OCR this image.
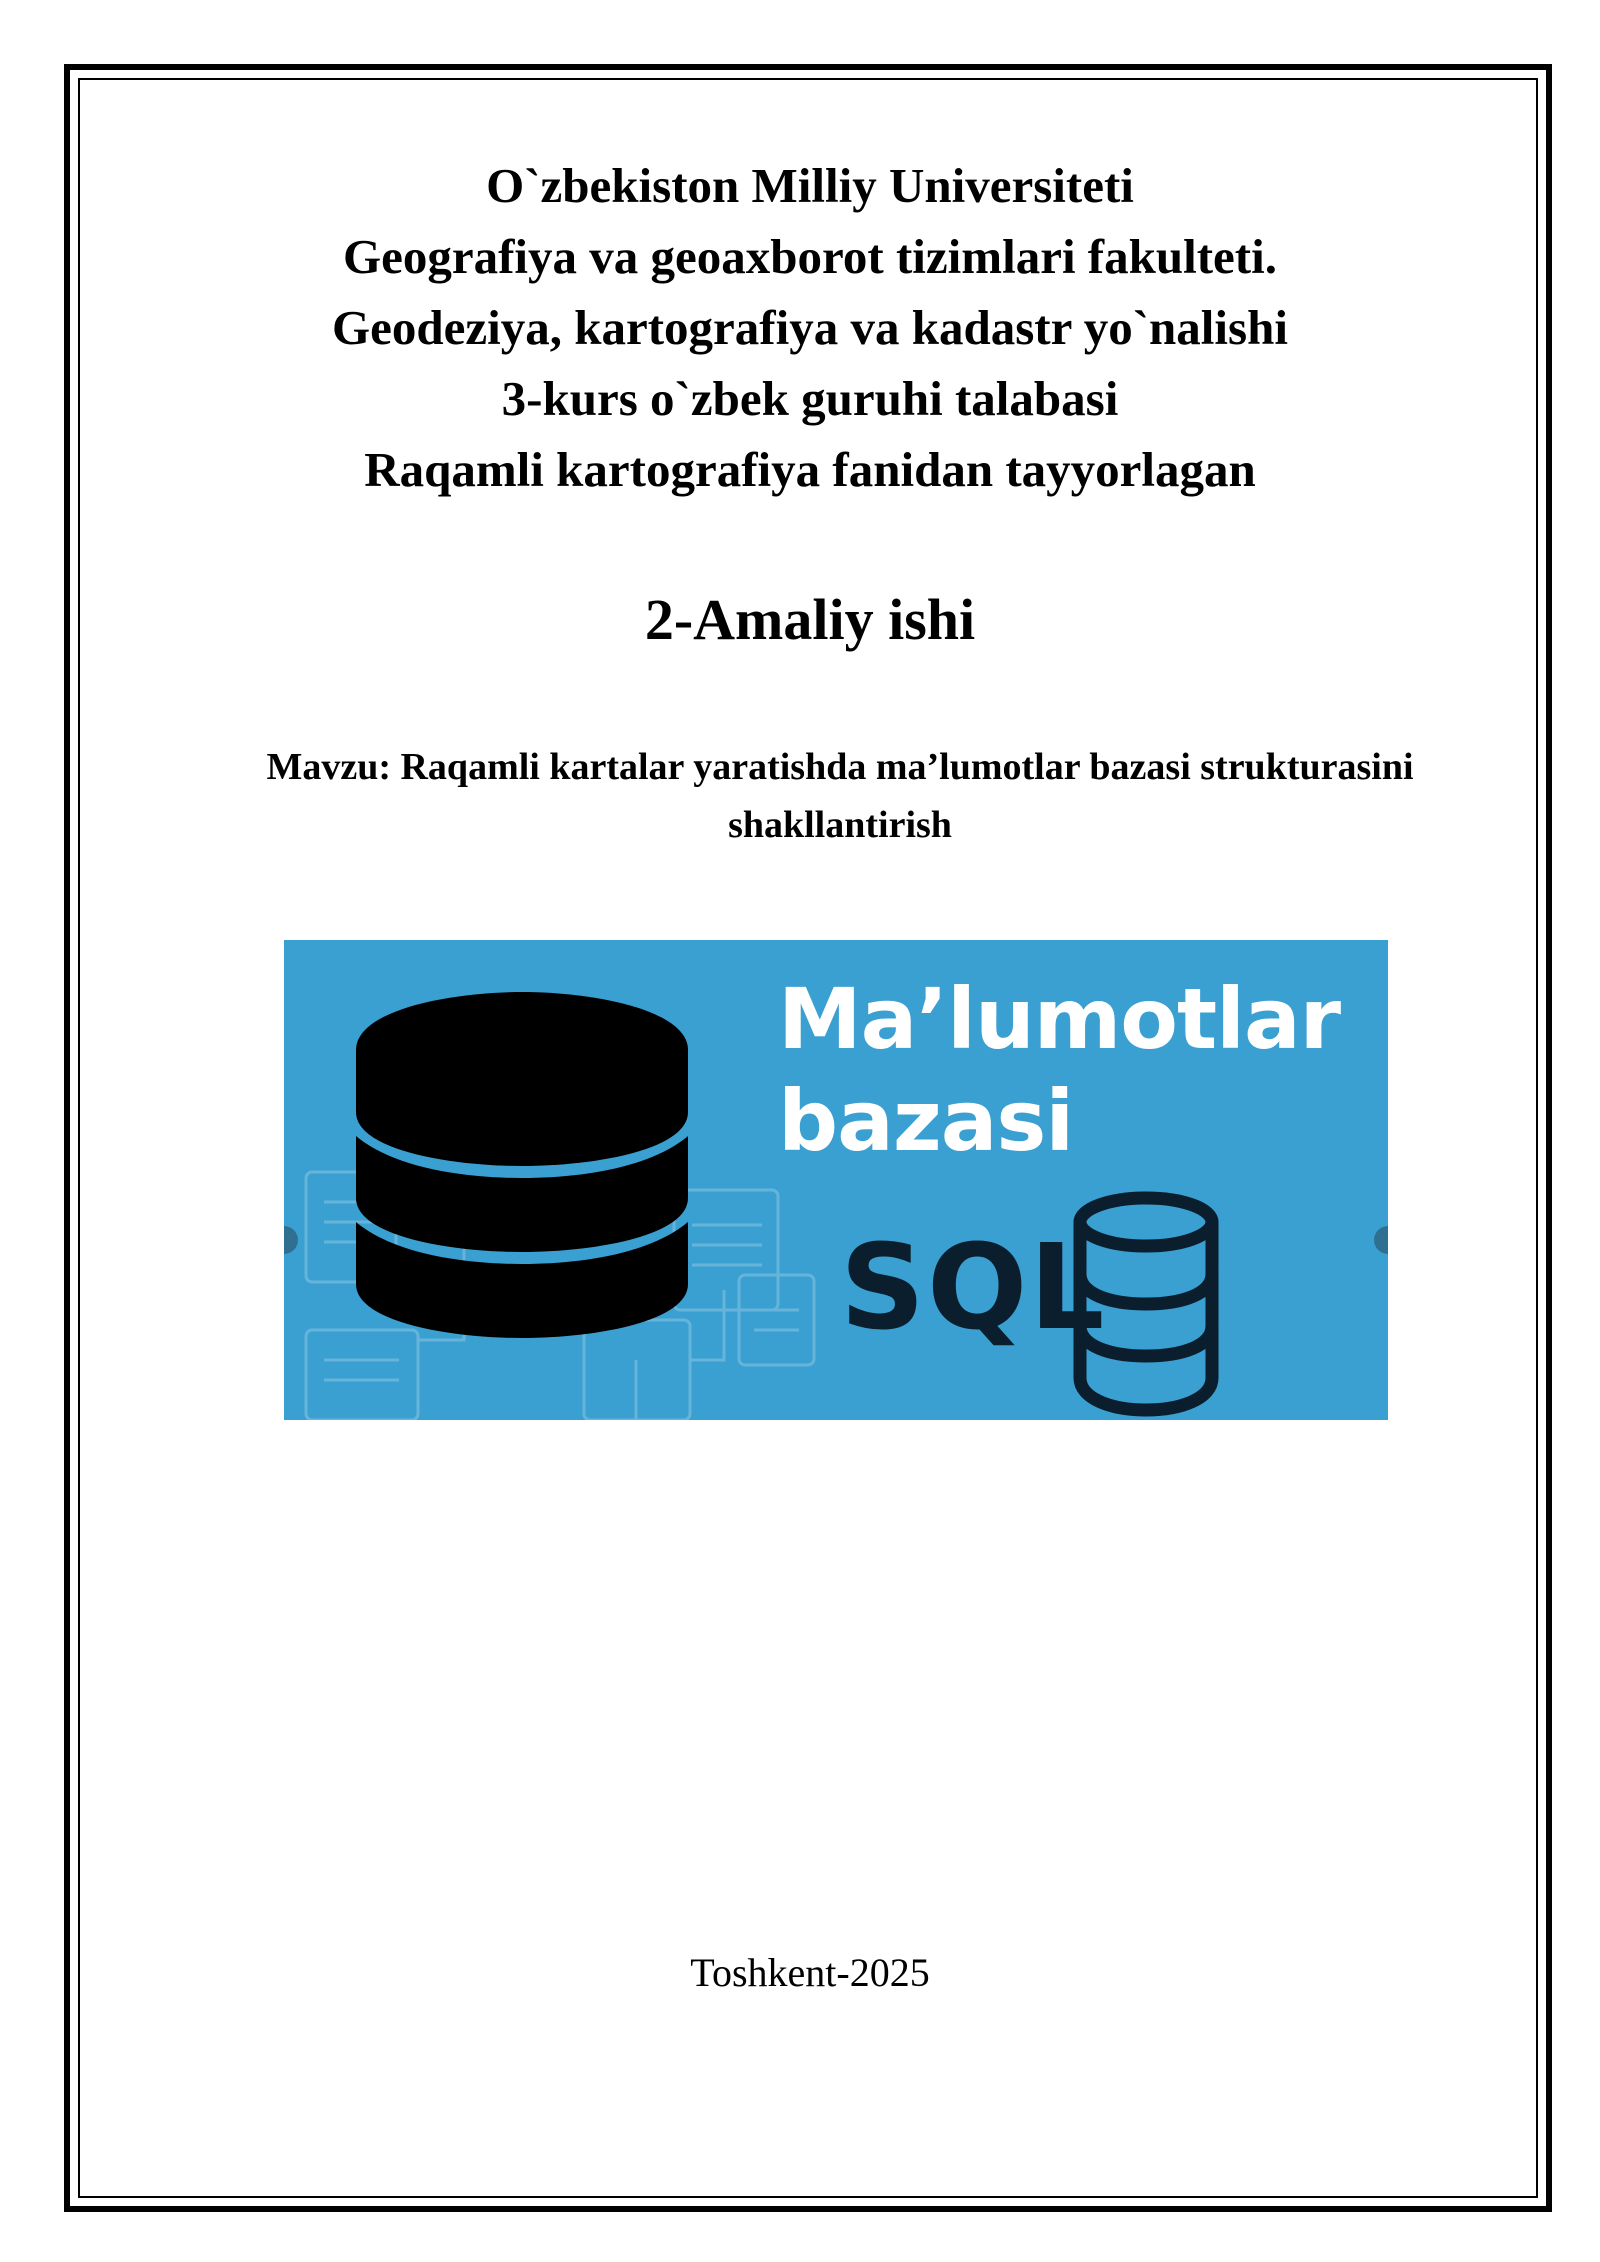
O`zbekiston Milliy Universiteti
Geografiya va geoaxborot tizimlari fakulteti.
Geodeziya, kartografiya va kadastr yo`nalishi
3-kurs o`zbek guruhi talabasi
Raqamli kartografiya fanidan tayyorlagan
2-Amaliy ishi
Mavzu: Raqamli kartalar yaratishda ma’lumotlar bazasi strukturasini shakllantirish
Ma’lumotlar
bazasi
SQL
Toshkent-2025
